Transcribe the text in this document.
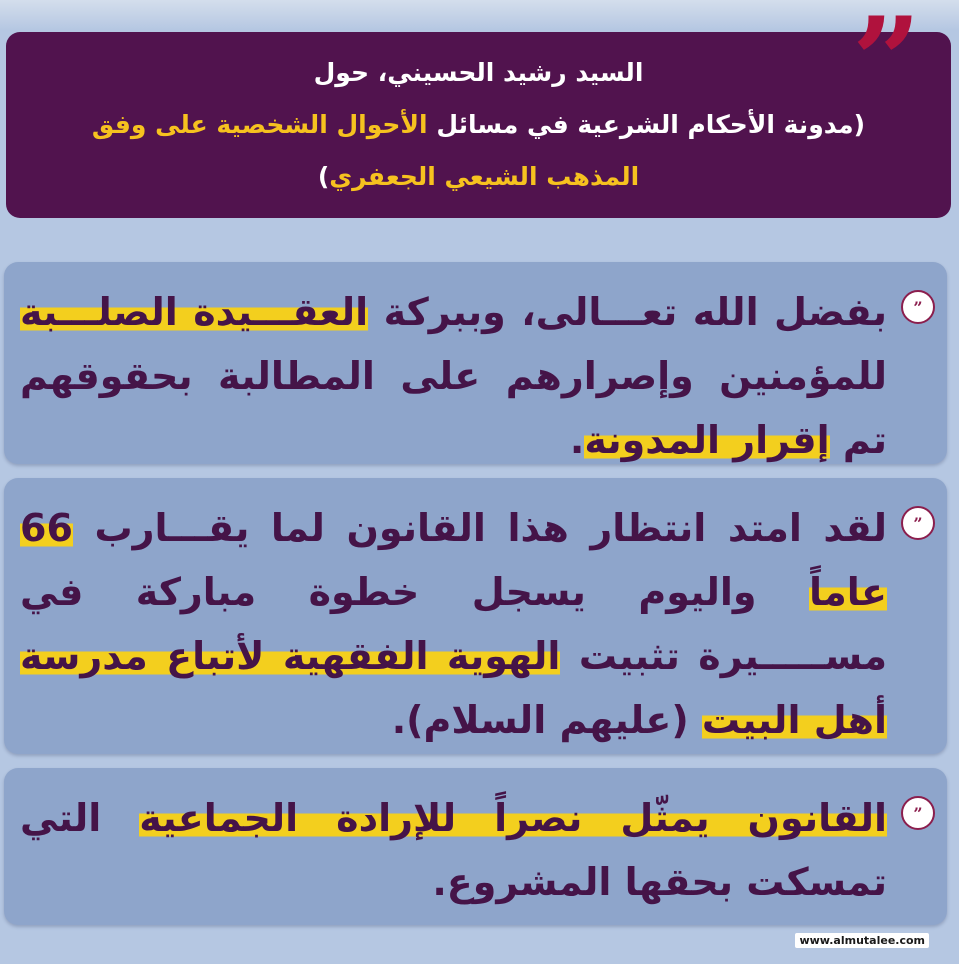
السيد رشيد الحسيني، حول
(مدونة الأحكام الشرعية في مسائل الأحوال الشخصية على وفق
المذهب الشيعي الجعفري)
”
”
بفضل الله تعـــالى، وببركة العقـــيدة الصلـــبة للمؤمنين وإصرارهم على المطالبة بحقوقهم تم إقرار المدونة.
”
لقد امتد انتظار هذا القانون لما يقـــارب 66 عاماً واليوم يسجل خطوة مباركة في مســـــيرة تثبيت الهوية الفقهية لأتباع مدرسة أهل البيت (عليهم السلام).
”
القانون يمثّل نصراً للإرادة الجماعية التي تمسكت بحقها المشروع.
www.almutalee.com
